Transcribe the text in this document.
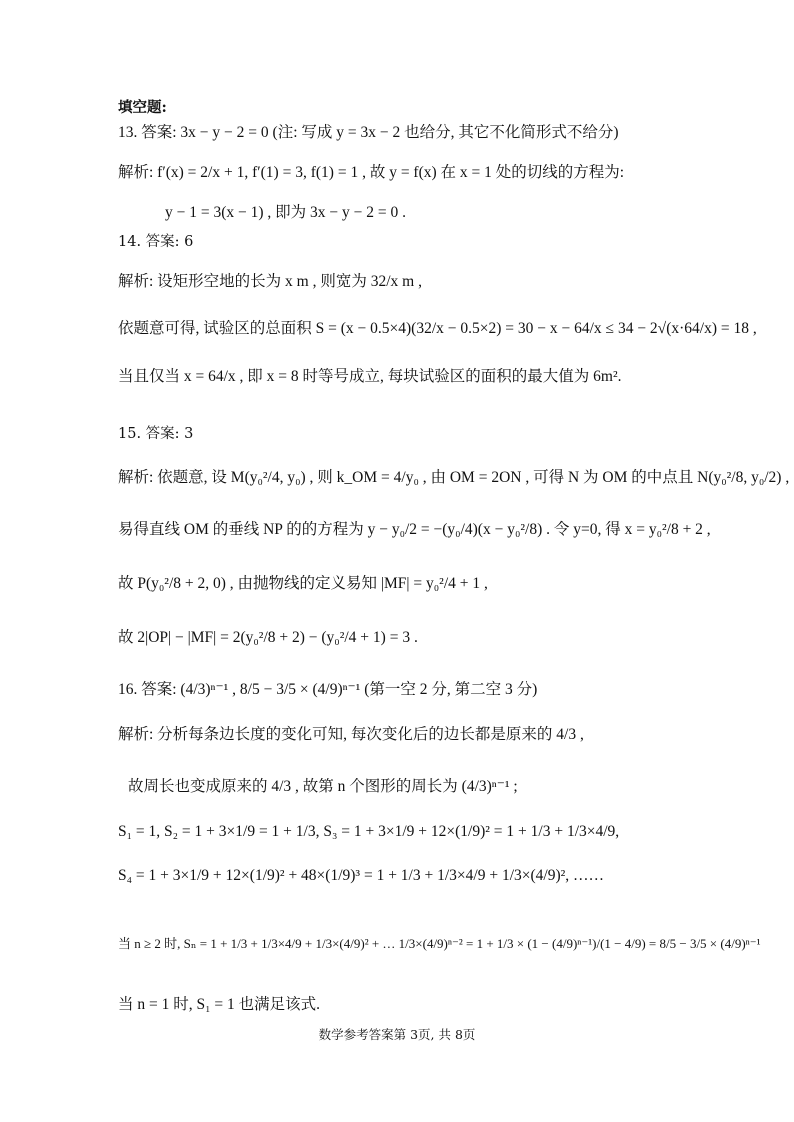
填空题:
13. 答案: 3x − y − 2 = 0 (注: 写成 y = 3x − 2 也给分, 其它不化简形式不给分)
解析: f′(x) = 2/x + 1, f′(1) = 3, f(1) = 1 , 故 y = f(x) 在 x = 1 处的切线的方程为:
y − 1 = 3(x − 1) , 即为 3x − y − 2 = 0 .
14. 答案: 6
解析: 设矩形空地的长为 x m , 则宽为 32/x m ,
依题意可得, 试验区的总面积 S = (x − 0.5×4)(32/x − 0.5×2) = 30 − x − 64/x ≤ 34 − 2√(x·64/x) = 18 ,
当且仅当 x = 64/x , 即 x = 8 时等号成立, 每块试验区的面积的最大值为 6m².
15. 答案: 3
解析: 依题意, 设 M(y₀²/4, y₀) , 则 k_OM = 4/y₀ , 由 OM = 2ON , 可得 N 为 OM 的中点且 N(y₀²/8, y₀/2) ,
易得直线 OM 的垂线 NP 的的方程为 y − y₀/2 = −(y₀/4)(x − y₀²/8) . 令 y=0, 得 x = y₀²/8 + 2 ,
故 P(y₀²/8 + 2, 0) , 由抛物线的定义易知 |MF| = y₀²/4 + 1 ,
故 2|OP| − |MF| = 2(y₀²/8 + 2) − (y₀²/4 + 1) = 3 .
16. 答案: (4/3)ⁿ⁻¹ , 8/5 − 3/5 × (4/9)ⁿ⁻¹ (第一空 2 分, 第二空 3 分)
解析: 分析每条边长度的变化可知, 每次变化后的边长都是原来的 4/3 ,
故周长也变成原来的 4/3 , 故第 n 个图形的周长为 (4/3)ⁿ⁻¹ ;
S₁ = 1, S₂ = 1 + 3×1/9 = 1 + 1/3, S₃ = 1 + 3×1/9 + 12×(1/9)² = 1 + 1/3 + 1/3×4/9,
S₄ = 1 + 3×1/9 + 12×(1/9)² + 48×(1/9)³ = 1 + 1/3 + 1/3×4/9 + 1/3×(4/9)², ……
当 n ≥ 2 时, Sₙ = 1 + 1/3 + 1/3×4/9 + 1/3×(4/9)² + … 1/3×(4/9)ⁿ⁻² = 1 + 1/3 × (1 − (4/9)ⁿ⁻¹)/(1 − 4/9) = 8/5 − 3/5 × (4/9)ⁿ⁻¹
当 n = 1 时, S₁ = 1 也满足该式.
数学参考答案第 3页, 共 8页
